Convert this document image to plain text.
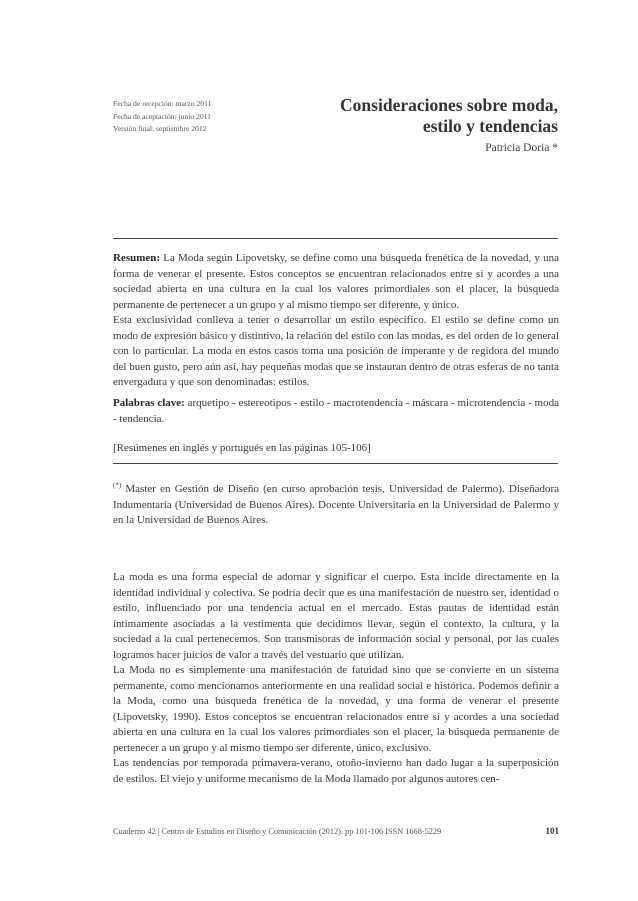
Fecha de recepción: marzo 2011
Fecha de aceptación: junio 2011
Versión final: septiembre 2012
Consideraciones sobre moda,
estilo y tendencias
Patricia Doria *

Resumen: La Moda según Lipovetsky, se define como una búsqueda frenética de la novedad, y una forma de venerar el presente. Estos conceptos se encuentran relacionados entre sí y acordes a una sociedad abierta en una cultura en la cual los valores primordiales son el placer, la búsqueda permanente de pertenecer a un grupo y al mismo tiempo ser diferente, y único.

Esta exclusividad conlleva a tener o desarrollar un estilo específico. El estilo se define como un modo de expresión básico y distintivo, la relación del estilo con las modas, es del orden de lo general con lo particular. La moda en estos casos toma una posición de imperante y de regidora del mundo del buen gusto, pero aún así, hay pequeñas modas que se instauran dentro de otras esferas de no tanta envergadura y que son denominadas: estilos.

Palabras clave: arquetipo - estereotipos - estilo - macrotendencia - máscara - microtendencia - moda - tendencia.

[Resúmenes en inglés y portugués en las páginas 105-106]

(*) Master en Gestión de Diseño (en curso aprobación tesis, Universidad de Palermo). Diseñadora Indumentaria (Universidad de Buenos Aires). Docente Universitaria en la Universidad de Palermo y en la Universidad de Buenos Aires.

La moda es una forma especial de adornar y significar el cuerpo. Esta incide directamente en la identidad individual y colectiva. Se podría decir que es una manifestación de nuestro ser, identidad o estilo, influenciado por una tendencia actual en el mercado. Estas pautas de identidad están íntimamente asociadas a la vestimenta que decidimos llevar, según el contexto, la cultura, y la sociedad a la cual pertenecemos. Son transmisoras de información social y personal, por las cuales logramos hacer juicios de valor a través del vestuario que utilizan.

La Moda no es simplemente una manifestación de fatuidad sino que se convierte en un sistema permanente, como mencionamos anteriormente en una realidad social e histórica. Podemos definir a la Moda, como una búsqueda frenética de la novedad, y una forma de venerar el presente (Lipovetsky, 1990). Estos conceptos se encuentran relacionados entre sí y acordes a una sociedad abierta en una cultura en la cual los valores primordiales son el placer, la búsqueda permanente de pertenecer a un grupo y al mismo tiempo ser diferente, único, exclusivo.

Las tendencias por temporada primavera-verano, otoño-invierno han dado lugar a la superposición de estilos. El viejo y uniforme mecanismo de la Moda llamado por algunos autores cen-

Cuaderno 42 | Centro de Estudios en Diseño y Comunicación (2012). pp 101-106 ISSN 1668-5229	101
